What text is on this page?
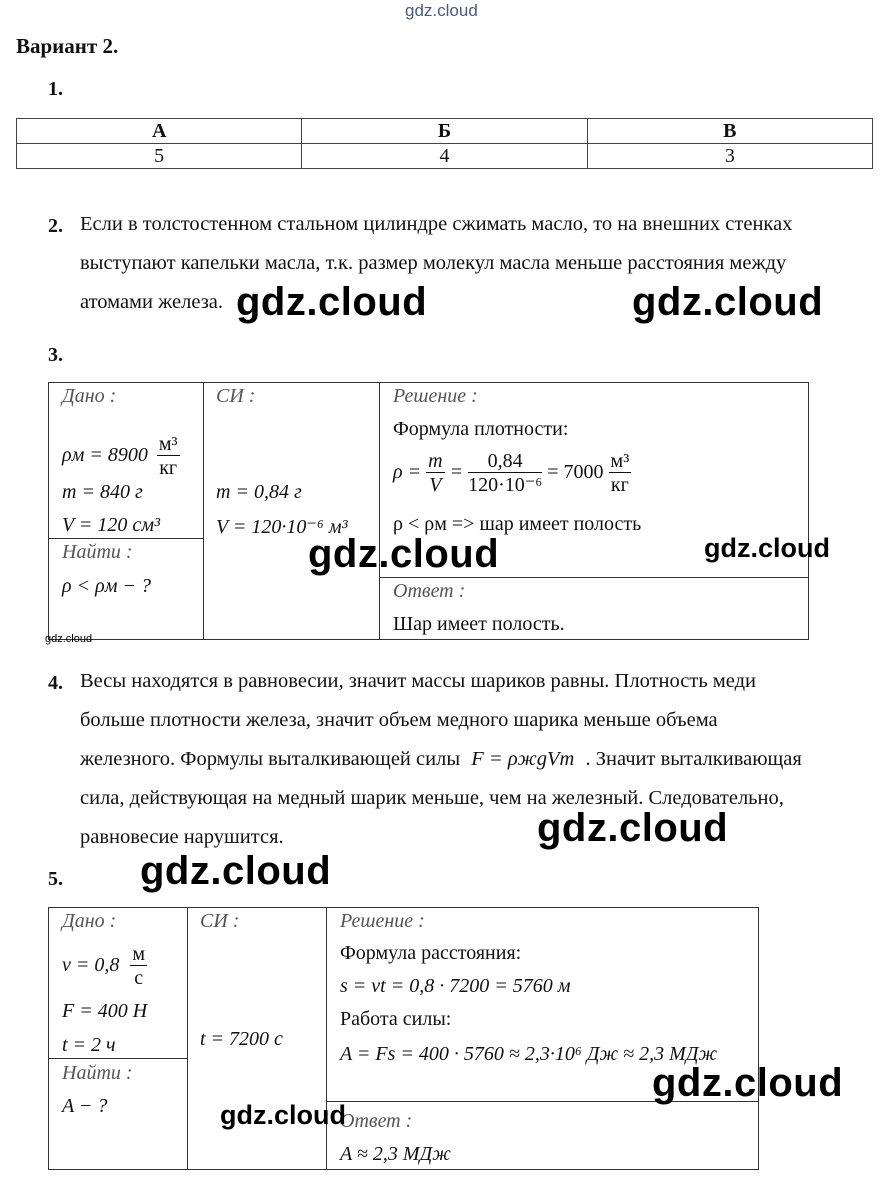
gdz.cloud
Вариант 2.
1.
А	Б	В
5	4	3
2. Если в толстостенном стальном цилиндре сжимать масло, то на внешних стенках
выступают капельки масла, т.к. размер молекул масла меньше расстояния между
атомами железа. gdz.cloud	gdz.cloud
3.
Дано :
$\rho м = 8900 \frac{\text{м³}}{кг}$
m = 840 г
V = 120 см³
Найти :
ρ < ρм − ?
gdz.cloud
СИ :
m = 0,84 г
V = 120·10⁻⁶ м³
Решение :
Формула плотности:
$\rho = \frac{m}{V} = \frac{0,84}{\text{120·10⁻⁶}} = 7000 \frac{\text{м³}}{кг}$
ρ < ρм => шар имеет полость
Ответ :
Шар имеет полость.
gdz.cloud	gdz.cloud
4. Весы находятся в равновесии, значит массы шариков равны. Плотность меди
больше плотности железа, значит объем медного шарика меньше объема
железного. Формулы выталкивающей силы F = ρжgVт . Значит выталкивающая
сила, действующая на медный шарик меньше, чем на железный. Следовательно,
равновесие нарушится.	gdz.cloud
5. gdz.cloud
Дано :
$v = 0,8 \frac{м}{с}$
F = 400 Н
t = 2 ч
Найти :
A − ?
СИ :
t = 7200 с
Решение :
Формула расстояния:
s = vt = 0,8 · 7200 = 5760 м
Работа силы:
A = Fs = 400 · 5760 ≈ 2,3·10⁶ Дж ≈ 2,3 МДж
Ответ :
A ≈ 2,3 МДж
gdz.cloud
gdz.cloud
